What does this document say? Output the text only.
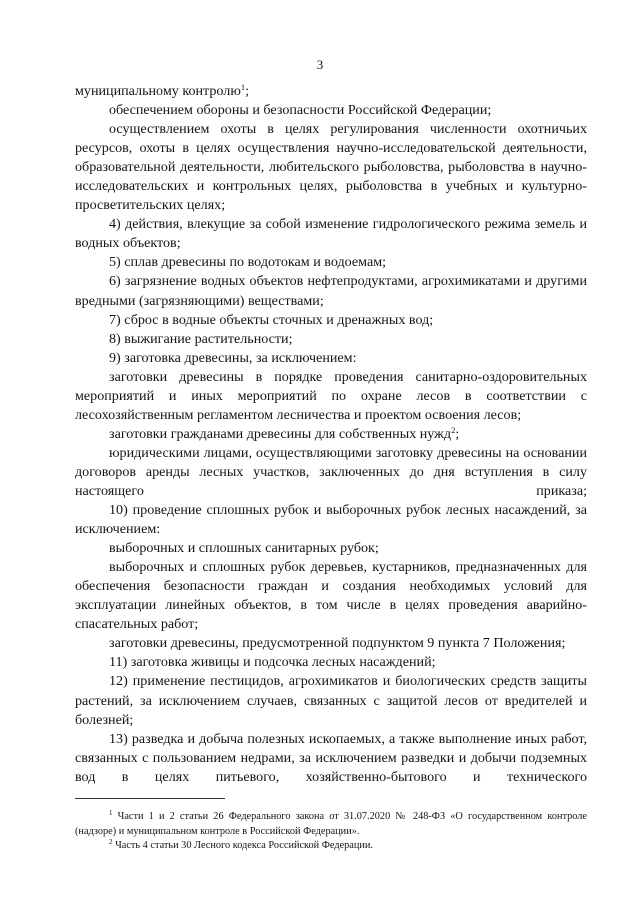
3

муниципальному контролю$^1$;

обеспечением обороны и безопасности Российской Федерации;

осуществлением охоты в целях регулирования численности охотничьих ресурсов, охоты в целях осуществления научно-исследовательской деятельности, образовательной деятельности, любительского рыболовства, рыболовства в научно-исследовательских и контрольных целях, рыболовства в учебных и культурно-просветительских целях;

4) действия, влекущие за собой изменение гидрологического режима земель и водных объектов;

5) сплав древесины по водотокам и водоемам;

6) загрязнение водных объектов нефтепродуктами, агрохимикатами и другими вредными (загрязняющими) веществами;

7) сброс в водные объекты сточных и дренажных вод;

8) выжигание растительности;

9) заготовка древесины, за исключением:

заготовки древесины в порядке проведения санитарно-оздоровительных мероприятий и иных мероприятий по охране лесов в соответствии с лесохозяйственным регламентом лесничества и проектом освоения лесов;

заготовки гражданами древесины для собственных нужд$^2$;

юридическими лицами, осуществляющими заготовку древесины на основании договоров аренды лесных участков, заключенных до дня вступления в силу настоящего приказа;

10) проведение сплошных рубок и выборочных рубок лесных насаждений, за исключением:

выборочных и сплошных санитарных рубок;

выборочных и сплошных рубок деревьев, кустарников, предназначенных для обеспечения безопасности граждан и создания необходимых условий для эксплуатации линейных объектов, в том числе в целях проведения аварийно-спасательных работ;

заготовки древесины, предусмотренной подпунктом 9 пункта 7 Положения;

11) заготовка живицы и подсочка лесных насаждений;

12) применение пестицидов, агрохимикатов и биологических средств защиты растений, за исключением случаев, связанных с защитой лесов от вредителей и болезней;

13) разведка и добыча полезных ископаемых, а также выполнение иных работ, связанных с пользованием недрами, за исключением разведки и добычи подземных вод в целях питьевого, хозяйственно-бытового и технического

$^1$ Части 1 и 2 статьи 26 Федерального закона от 31.07.2020 № 248-ФЗ «О государственном контроле (надзоре) и муниципальном контроле в Российской Федерации».

$^2$ Часть 4 статьи 30 Лесного кодекса Российской Федерации.
